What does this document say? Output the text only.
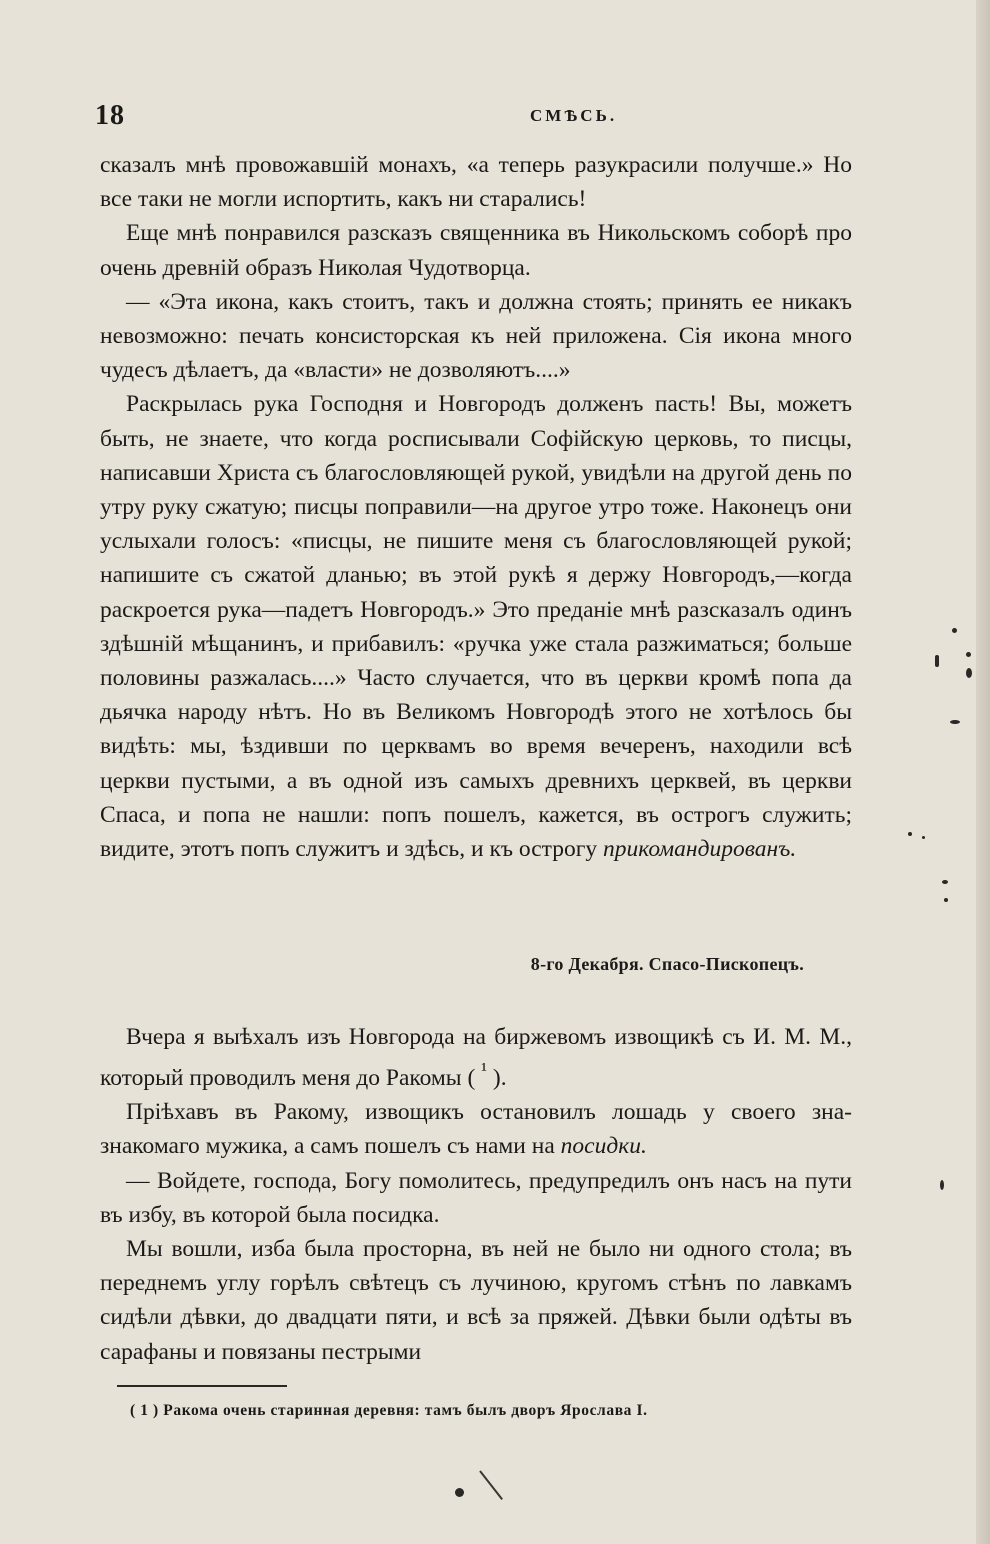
18	СМѢСЬ.

сказалъ мнѣ провожавшій монахъ, «а теперь разукрасили получше.» Но все таки не могли испортить, какъ ни старались!

Еще мнѣ понравился разсказъ священника въ Никольскомъ соборѣ про очень древній образъ Николая Чудотворца.

— «Эта икона, какъ стоитъ, такъ и должна стоять; принять ее никакъ невозможно: печать консисторская къ ней приложена. Сія икона много чудесъ дѣлаетъ, да «власти» не дозволяютъ....»

Раскрылась рука Господня и Новгородъ долженъ пасть! Вы, можетъ быть, не знаете, что когда росписывали Софійскую церковь, то писцы, написавши Христа съ благословляющей рукой, увидѣли на другой день по утру руку сжатую; писцы поправили—на другое утро тоже. Наконецъ они услыхали голосъ: «писцы, не пишите меня съ благословляющей рукой; напишите съ сжатой дланью; въ этой рукѣ я держу Новгородъ,—когда раскроется рука—падетъ Новгородъ.» Это преданіе мнѣ разсказалъ одинъ здѣшній мѣщанинъ, и прибавилъ: «ручка уже стала разжиматься; больше половины разжалась....» Часто случается, что въ церкви кромѣ попа да дьячка народу нѣтъ. Но въ Великомъ Новгородѣ этого не хотѣлось бы видѣть: мы, ѣздивши по церквамъ во время вечеренъ, находили всѣ церкви пустыми, а въ одной изъ самыхъ древнихъ церквей, въ церкви Спаса, и попа не нашли: попъ пошелъ, кажется, въ острогъ служить; видите, этотъ попъ служитъ и здѣсь, и къ острогу прикомандированъ.

8-го Декабря. Спасо-Пископецъ.

Вчера я выѣхалъ изъ Новгорода на биржевомъ извощикѣ съ И. М. М., который проводилъ меня до Ракомы ( $^{^1}$ ).

Пріѣхавъ въ Ракому, извощикъ остановилъ лошадь у своего зна- знакомаго мужика, а самъ пошелъ съ нами на посидки.

— Войдете, господа, Богу помолитесь, предупредилъ онъ насъ на пути въ избу, въ которой была посидка.

Мы вошли, изба была просторна, въ ней не было ни одного стола; въ переднемъ углу горѣлъ свѣтецъ съ лучиною, кругомъ стѣнъ по лавкамъ сидѣли дѣвки, до двадцати пяти, и всѣ за пряжей. Дѣвки были одѣты въ сарафаны и повязаны пестрыми

( 1 ) Ракома очень старинная деревня: тамъ былъ дворъ Ярослава I.
